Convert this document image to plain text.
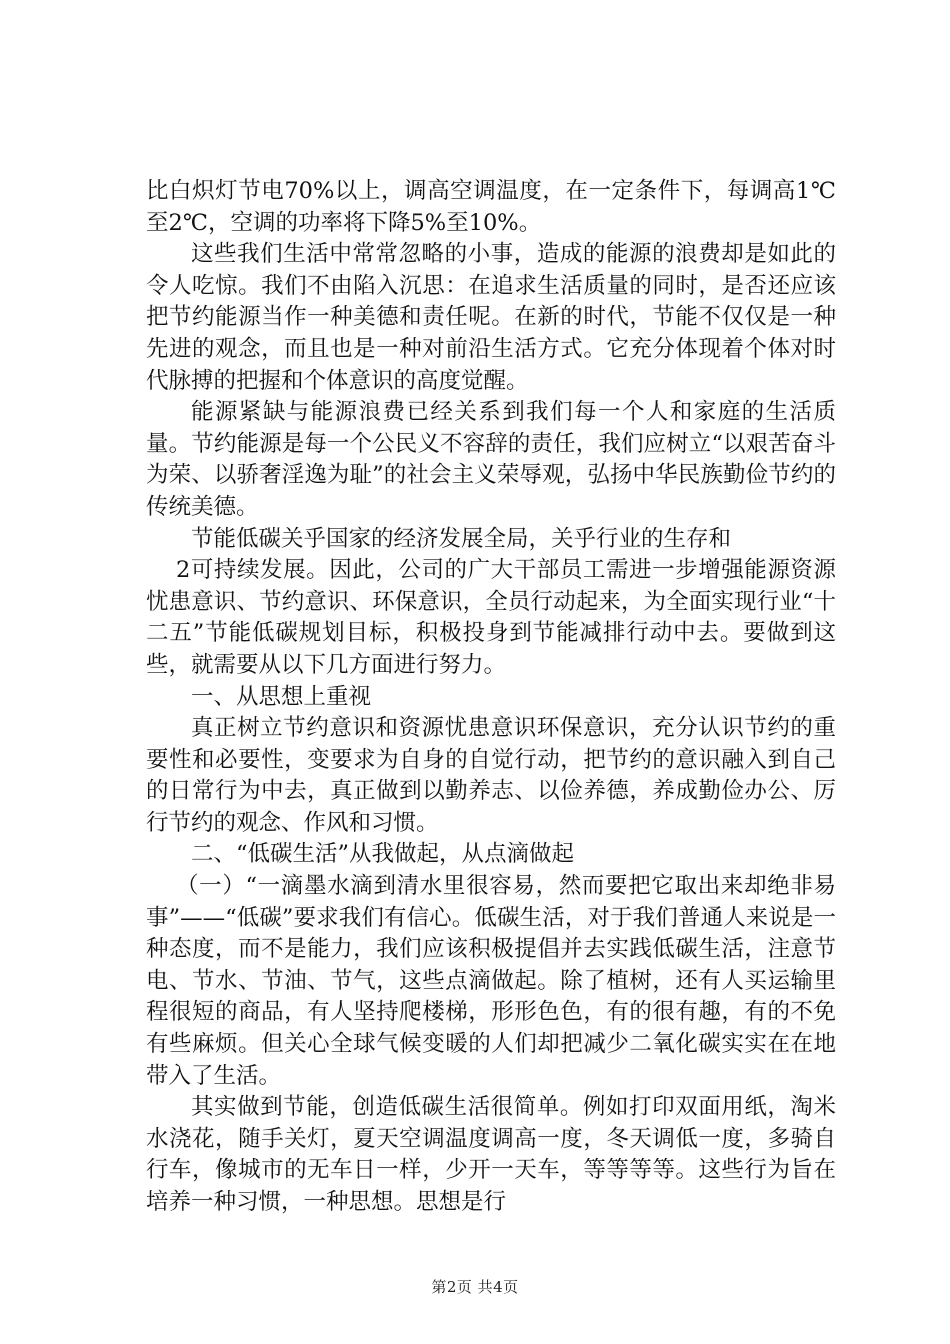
比白炽灯节电70%以上，调高空调温度，在一定条件下，每调高1℃至2℃，空调的功率将下降5%至10%。

这些我们生活中常常忽略的小事，造成的能源的浪费却是如此的令人吃惊。我们不由陷入沉思：在追求生活质量的同时，是否还应该把节约能源当作一种美德和责任呢。在新的时代，节能不仅仅是一种先进的观念，而且也是一种对前沿生活方式。它充分体现着个体对时代脉搏的把握和个体意识的高度觉醒。

能源紧缺与能源浪费已经关系到我们每一个人和家庭的生活质量。节约能源是每一个公民义不容辞的责任，我们应树立“以艰苦奋斗为荣、以骄奢淫逸为耻”的社会主义荣辱观，弘扬中华民族勤俭节约的传统美德。

节能低碳关乎国家的经济发展全局，关乎行业的生存和

2可持续发展。因此，公司的广大干部员工需进一步增强能源资源忧患意识、节约意识、环保意识，全员行动起来，为全面实现行业“十二五”节能低碳规划目标，积极投身到节能减排行动中去。要做到这些，就需要从以下几方面进行努力。

一、从思想上重视

真正树立节约意识和资源忧患意识环保意识，充分认识节约的重要性和必要性，变要求为自身的自觉行动，把节约的意识融入到自己的日常行为中去，真正做到以勤养志、以俭养德，养成勤俭办公、厉行节约的观念、作风和习惯。

二、“低碳生活”从我做起，从点滴做起

（一）“一滴墨水滴到清水里很容易，然而要把它取出来却绝非易事”——“低碳”要求我们有信心。低碳生活，对于我们普通人来说是一种态度，而不是能力，我们应该积极提倡并去实践低碳生活，注意节电、节水、节油、节气，这些点滴做起。除了植树，还有人买运输里程很短的商品，有人坚持爬楼梯，形形色色，有的很有趣，有的不免有些麻烦。但关心全球气候变暖的人们却把减少二氧化碳实实在在地带入了生活。

其实做到节能，创造低碳生活很简单。例如打印双面用纸，淘米水浇花，随手关灯，夏天空调温度调高一度，冬天调低一度，多骑自行车，像城市的无车日一样，少开一天车，等等等等。这些行为旨在培养一种习惯，一种思想。思想是行

第2页 共4页
